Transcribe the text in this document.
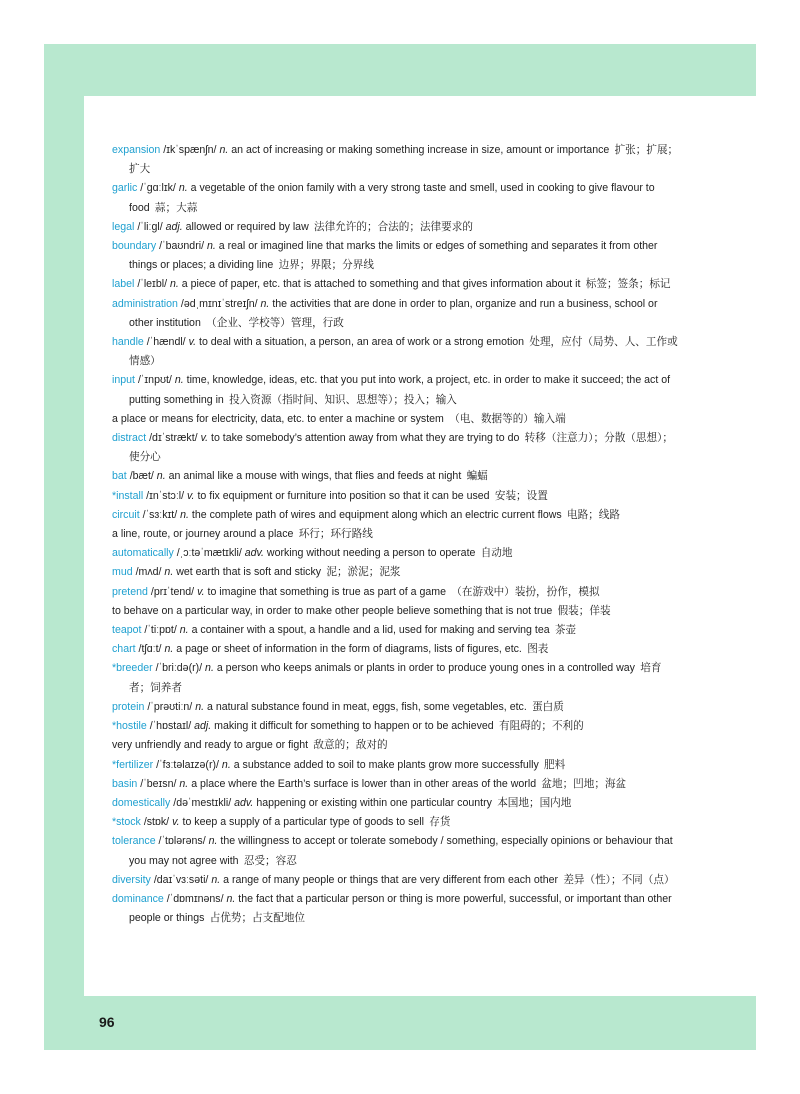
expansion /ɪkˈspænʃn/ n. an act of increasing or making something increase in size, amount or importance  扩张；扩展；扩大

garlic /ˈɡɑːlɪk/ n. a vegetable of the onion family with a very strong taste and smell, used in cooking to give flavour to food  蒜；大蒜

legal /ˈliːɡl/ adj. allowed or required by law  法律允许的；合法的；法律要求的

boundary /ˈbaʊndri/ n. a real or imagined line that marks the limits or edges of something and separates it from other things or places; a dividing line  边界；界限；分界线

label /ˈleɪbl/ n. a piece of paper, etc. that is attached to something and that gives information about it  标签；签条；标记

administration /ədˌmɪnɪˈstreɪʃn/ n. the activities that are done in order to plan, organize and run a business, school or other institution  （企业、学校等）管理，行政

handle /ˈhændl/ v. to deal with a situation, a person, an area of work or a strong emotion  处理，应付（局势、人、工作或情感）

input /ˈɪnpʊt/ n. time, knowledge, ideas, etc. that you put into work, a project, etc. in order to make it succeed; the act of putting something in  投入资源（指时间、知识、思想等）；投入；输入
a place or means for electricity, data, etc. to enter a machine or system  （电、数据等的）输入端

distract /dɪˈstrækt/ v. to take somebody’s attention away from what they are trying to do  转移（注意力）；分散（思想）；使分心

bat /bæt/ n. an animal like a mouse with wings, that flies and feeds at night  蝙蝠

*install /ɪnˈstɔːl/ v. to fix equipment or furniture into position so that it can be used  安装；设置

circuit /ˈsɜːkɪt/ n. the complete path of wires and equipment along which an electric current flows  电路；线路
a line, route, or journey around a place  环行；环行路线

automatically /ˌɔːtəˈmætɪkli/ adv. working without needing a person to operate  自动地

mud /mʌd/ n. wet earth that is soft and sticky  泥；淤泥；泥浆

pretend /prɪˈtend/ v. to imagine that something is true as part of a game  （在游戏中）装扮，扮作，模拟
to behave on a particular way, in order to make other people believe something that is not true  假装；佯装

teapot /ˈtiːpɒt/ n. a container with a spout, a handle and a lid, used for making and serving tea  茶壶

chart /tʃɑːt/ n. a page or sheet of information in the form of diagrams, lists of figures, etc.  图表

*breeder /ˈbriːdə(r)/ n. a person who keeps animals or plants in order to produce young ones in a controlled way  培育者；饲养者

protein /ˈprəʊtiːn/ n. a natural substance found in meat, eggs, fish, some vegetables, etc.  蛋白质

*hostile /ˈhɒstaɪl/ adj. making it difficult for something to happen or to be achieved  有阻碍的；不利的
very unfriendly and ready to argue or fight  敌意的；敌对的

*fertilizer /ˈfɜːtəlaɪzə(r)/ n. a substance added to soil to make plants grow more successfully  肥料

basin /ˈbeɪsn/ n. a place where the Earth’s surface is lower than in other areas of the world  盆地；凹地；海盆

domestically /dəˈmestɪkli/ adv. happening or existing within one particular country  本国地；国内地

*stock /stɒk/ v. to keep a supply of a particular type of goods to sell  存货

tolerance /ˈtɒlərəns/ n. the willingness to accept or tolerate somebody / something, especially opinions or behaviour that you may not agree with  忍受；容忍

diversity /daɪˈvɜːsəti/ n. a range of many people or things that are very different from each other  差异（性）；不同（点）

dominance /ˈdɒmɪnəns/ n. the fact that a particular person or thing is more powerful, successful, or important than other people or things  占优势；占支配地位

96
